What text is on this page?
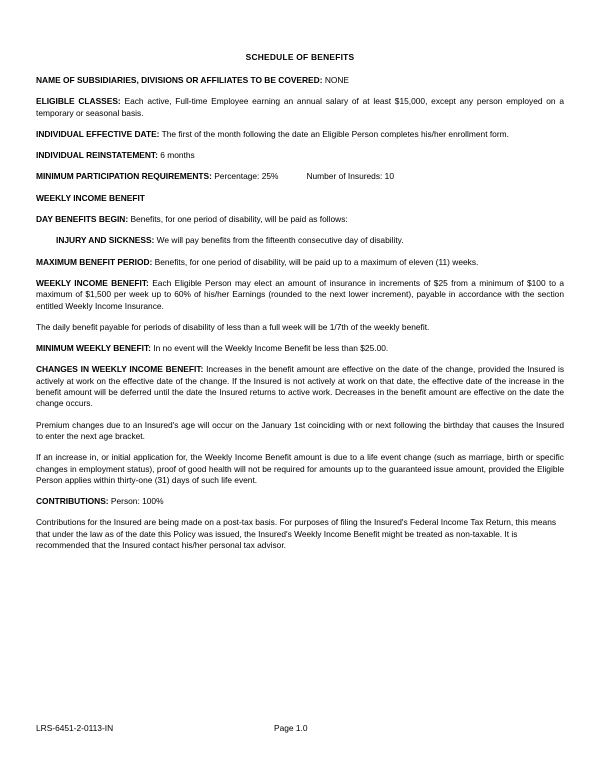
SCHEDULE OF BENEFITS

NAME OF SUBSIDIARIES, DIVISIONS OR AFFILIATES TO BE COVERED: NONE

ELIGIBLE CLASSES: Each active, Full-time Employee earning an annual salary of at least $15,000, except any person employed on a temporary or seasonal basis.

INDIVIDUAL EFFECTIVE DATE: The first of the month following the date an Eligible Person completes his/her enrollment form.

INDIVIDUAL REINSTATEMENT: 6 months

MINIMUM PARTICIPATION REQUIREMENTS: Percentage: 25%	Number of Insureds: 10

WEEKLY INCOME BENEFIT

DAY BENEFITS BEGIN: Benefits, for one period of disability, will be paid as follows:

INJURY AND SICKNESS: We will pay benefits from the fifteenth consecutive day of disability.

MAXIMUM BENEFIT PERIOD: Benefits, for one period of disability, will be paid up to a maximum of eleven (11) weeks.

WEEKLY INCOME BENEFIT: Each Eligible Person may elect an amount of insurance in increments of $25 from a minimum of $100 to a maximum of $1,500 per week up to 60% of his/her Earnings (rounded to the next lower increment), payable in accordance with the section entitled Weekly Income Insurance.

The daily benefit payable for periods of disability of less than a full week will be 1/7th of the weekly benefit.

MINIMUM WEEKLY BENEFIT: In no event will the Weekly Income Benefit be less than $25.00.

CHANGES IN WEEKLY INCOME BENEFIT: Increases in the benefit amount are effective on the date of the change, provided the Insured is actively at work on the effective date of the change. If the Insured is not actively at work on that date, the effective date of the increase in the benefit amount will be deferred until the date the Insured returns to active work. Decreases in the benefit amount are effective on the date the change occurs.

Premium changes due to an Insured's age will occur on the January 1st coinciding with or next following the birthday that causes the Insured to enter the next age bracket.

If an increase in, or initial application for, the Weekly Income Benefit amount is due to a life event change (such as marriage, birth or specific changes in employment status), proof of good health will not be required for amounts up to the guaranteed issue amount, provided the Eligible Person applies within thirty-one (31) days of such life event.

CONTRIBUTIONS: Person: 100%

Contributions for the Insured are being made on a post-tax basis. For purposes of filing the Insured's Federal Income Tax Return, this means that under the law as of the date this Policy was issued, the Insured's Weekly Income Benefit might be treated as non-taxable. It is recommended that the Insured contact his/her personal tax advisor.

LRS-6451-2-0113-IN	Page 1.0
